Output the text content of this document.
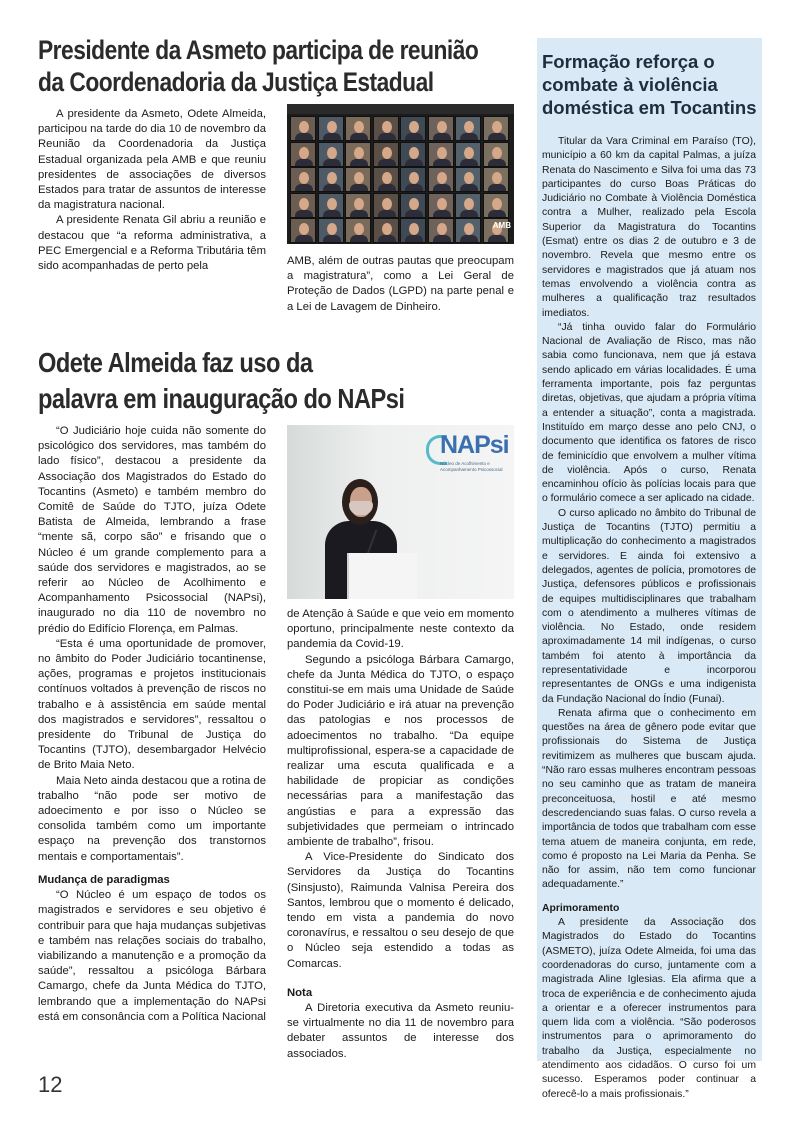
Presidente da Asmeto participa de reunião
da Coordenadoria da Justiça Estadual

A presidente da Asmeto, Odete Almeida, participou na tarde do dia 10 de novembro da Reunião da Coordenadoria da Justiça Estadual organizada pela AMB e que reuniu presidentes de associações de diversos Estados para tratar de assuntos de interesse da magistratura nacional.

A presidente Renata Gil abriu a reunião e destacou que “a reforma administrativa, a PEC Emergencial e a Reforma Tributária têm sido acompanhadas de perto pela

AMB

AMB, além de outras pautas que preocupam a magistratura”, como a Lei Geral de Proteção de Dados (LGPD) na parte penal e a Lei de Lavagem de Dinheiro.

Odete Almeida faz uso da
palavra em inauguração do NAPsi

“O Judiciário hoje cuida não somente do psicológico dos servidores, mas também do lado físico”, destacou a presidente da Associação dos Magistrados do Estado do Tocantins (Asmeto) e também membro do Comitê de Saúde do TJTO, juíza Odete Batista de Almeida, lembrando a frase “mente sã, corpo são” e frisando que o Núcleo é um grande complemento para a saúde dos servidores e magistrados, ao se referir ao Núcleo de Acolhimento e Acompanhamento Psicossocial (NAPsi), inaugurado no dia 110 de novembro no prédio do Edifício Florença, em Palmas.

“Esta é uma oportunidade de promover, no âmbito do Poder Judiciário tocantinense, ações, programas e projetos institucionais contínuos voltados à prevenção de riscos no trabalho e à assistência em saúde mental dos magistrados e servidores”, ressaltou o presidente do Tribunal de Justiça do Tocantins (TJTO), desembargador Helvécio de Brito Maia Neto.

Maia Neto ainda destacou que a rotina de trabalho “não pode ser motivo de adoecimento e por isso o Núcleo se consolida também como um importante espaço na prevenção dos transtornos mentais e comportamentais”.

Mudança de paradigmas

“O Núcleo é um espaço de todos os magistrados e servidores e seu objetivo é contribuir para que haja mudanças subjetivas e também nas relações sociais do trabalho, viabilizando a manutenção e a promoção da saúde”, ressaltou a psicóloga Bárbara Camargo, chefe da Junta Médica do TJTO, lembrando que a implementação do NAPsi está em consonância com a Política Nacional

NAPsi
Núcleo de Acolhimento e Acompanhamento Psicossocial

de Atenção à Saúde e que veio em momento oportuno, principalmente neste contexto da pandemia da Covid-19.

Segundo a psicóloga Bárbara Camargo, chefe da Junta Médica do TJTO, o espaço constitui-se em mais uma Unidade de Saúde do Poder Judiciário e irá atuar na prevenção das patologias e nos processos de adoecimentos no trabalho. “Da equipe multiprofissional, espera-se a capacidade de realizar uma escuta qualificada e a habilidade de propiciar as condições necessárias para a manifestação das angústias e para a expressão das subjetividades que permeiam o intrincado ambiente de trabalho”, frisou.

A Vice-Presidente do Sindicato dos Servidores da Justiça do Tocantins (Sinsjusto), Raimunda Valnisa Pereira dos Santos, lembrou que o momento é delicado, tendo em vista a pandemia do novo coronavírus, e ressaltou o seu desejo de que o Núcleo seja estendido a todas as Comarcas.

Nota

A Diretoria executiva da Asmeto reuniu-se virtualmente no dia 11 de novembro para debater assuntos de interesse dos associados.

Formação reforça o
combate à violência
doméstica em Tocantins

Titular da Vara Criminal em Paraíso (TO), município a 60 km da capital Palmas, a juíza Renata do Nascimento e Silva foi uma das 73 participantes do curso Boas Práticas do Judiciário no Combate à Violência Doméstica contra a Mulher, realizado pela Escola Superior da Magistratura do Tocantins (Esmat) entre os dias 2 de outubro e 3 de novembro. Revela que mesmo entre os servidores e magistrados que já atuam nos temas envolvendo a violência contra as mulheres a qualificação traz resultados imediatos.

“Já tinha ouvido falar do Formulário Nacional de Avaliação de Risco, mas não sabia como funcionava, nem que já estava sendo aplicado em várias localidades. É uma ferramenta importante, pois faz perguntas diretas, objetivas, que ajudam a própria vítima a entender a situação”, conta a magistrada. Instituído em março desse ano pelo CNJ, o documento que identifica os fatores de risco de feminicídio que envolvem a mulher vítima de violência. Após o curso, Renata encaminhou ofício às polícias locais para que o formulário comece a ser aplicado na cidade.

O curso aplicado no âmbito do Tribunal de Justiça de Tocantins (TJTO) permitiu a multiplicação do conhecimento a magistrados e servidores. E ainda foi extensivo a delegados, agentes de polícia, promotores de Justiça, defensores públicos e profissionais de equipes multidisciplinares que trabalham com o atendimento a mulheres vítimas de violência. No Estado, onde residem aproximadamente 14 mil indígenas, o curso também foi atento à importância da representatividade e incorporou representantes de ONGs e uma indigenista da Fundação Nacional do Índio (Funai).

Renata afirma que o conhecimento em questões na área de gênero pode evitar que profissionais do Sistema de Justiça revitimizem as mulheres que buscam ajuda. “Não raro essas mulheres encontram pessoas no seu caminho que as tratam de maneira preconceituosa, hostil e até mesmo descredenciando suas falas. O curso revela a importância de todos que trabalham com esse tema atuem de maneira conjunta, em rede, como é proposto na Lei Maria da Penha. Se não for assim, não tem como funcionar adequadamente.”

Aprimoramento

A presidente da Associação dos Magistrados do Estado do Tocantins (ASMETO), juíza Odete Almeida, foi uma das coordenadoras do curso, juntamente com a magistrada Aline Iglesias. Ela afirma que a troca de experiência e de conhecimento ajuda a orientar e a oferecer instrumentos para quem lida com a violência. “São poderosos instrumentos para o aprimoramento do trabalho da Justiça, especialmente no atendimento aos cidadãos. O curso foi um sucesso. Esperamos poder continuar a oferecê-lo a mais profissionais.”

12
